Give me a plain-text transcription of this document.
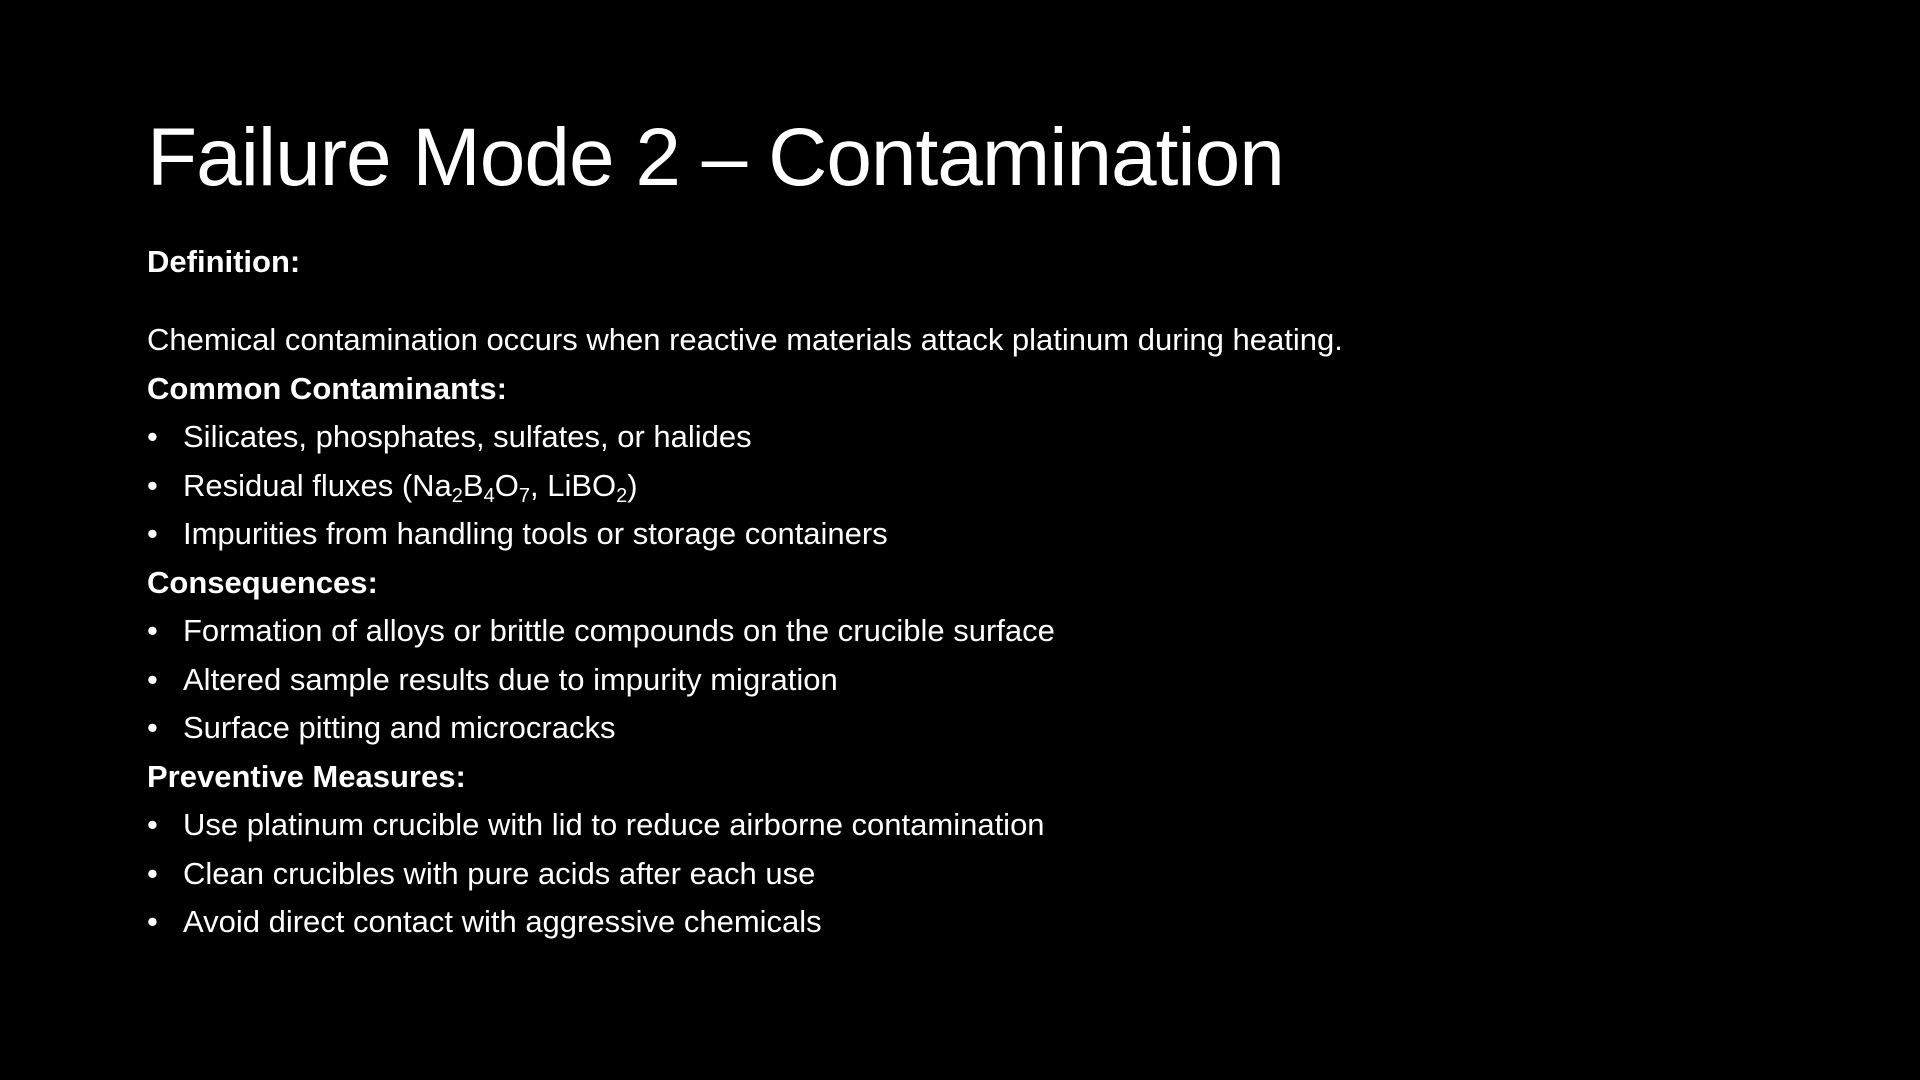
Failure Mode 2 – Contamination
Definition:
Chemical contamination occurs when reactive materials attack platinum during heating.
Common Contaminants:
• Silicates, phosphates, sulfates, or halides
• Residual fluxes ($Na_2B_4O_7$, LiBO$_2$)
• Impurities from handling tools or storage containers
Consequences:
• Formation of alloys or brittle compounds on the crucible surface
• Altered sample results due to impurity migration
• Surface pitting and microcracks
Preventive Measures:
• Use platinum crucible with lid to reduce airborne contamination
• Clean crucibles with pure acids after each use
• Avoid direct contact with aggressive chemicals
